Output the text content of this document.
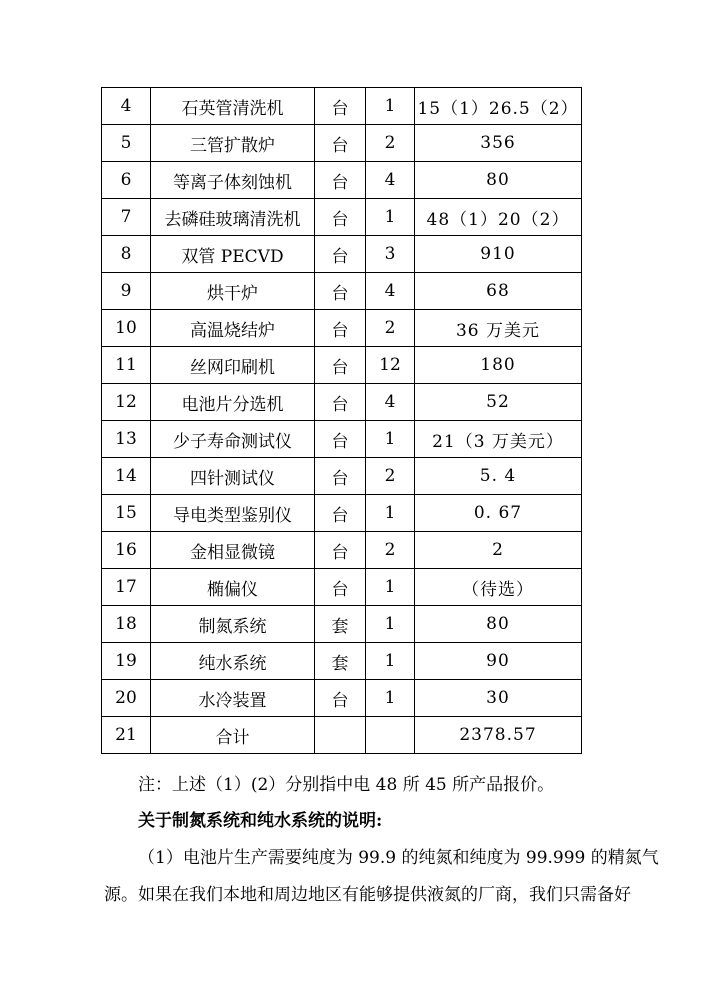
4	石英管清洗机	台	1	15（1）26.5（2）
5	三管扩散炉	台	2	356
6	等离子体刻蚀机	台	4	80
7	去磷硅玻璃清洗机	台	1	48（1）20（2）
8	双管 PECVD	台	3	910
9	烘干炉	台	4	68
10	高温烧结炉	台	2	36 万美元
11	丝网印刷机	台	12	180
12	电池片分选机	台	4	52
13	少子寿命测试仪	台	1	21（3 万美元）
14	四针测试仪	台	2	5. 4
15	导电类型鉴别仪	台	1	0. 67
16	金相显微镜	台	2	2
17	椭偏仪	台	1	（待选）
18	制氮系统	套	1	80
19	纯水系统	套	1	90
20	水冷装置	台	1	30
21	合计			2378.57
注：上述（1）(2）分别指中电 48 所 45 所产品报价。
关于制氮系统和纯水系统的说明:
（1）电池片生产需要纯度为 99.9 的纯氮和纯度为 99.999 的精氮气
源。如果在我们本地和周边地区有能够提供液氮的厂商，我们只需备好
